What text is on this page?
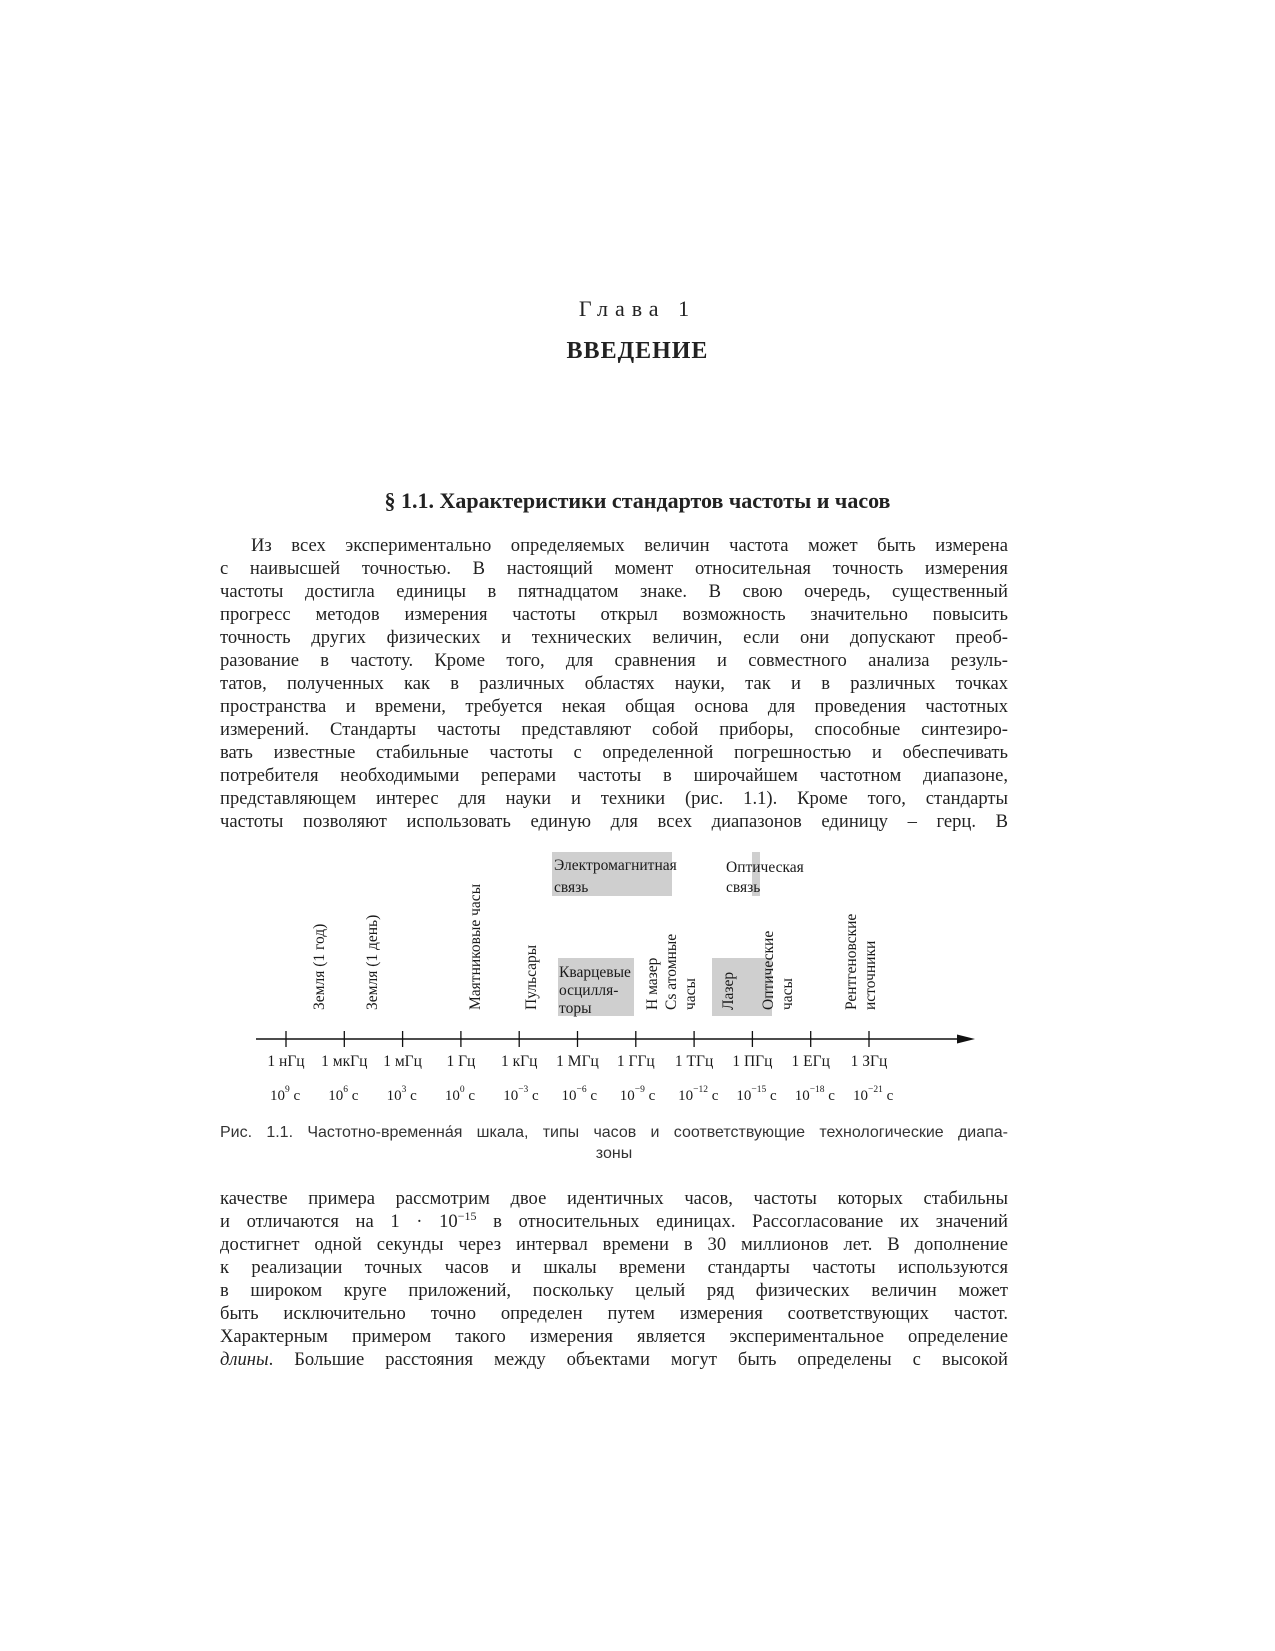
Глава 1
ВВЕДЕНИЕ
§ 1.1. Характеристики стандартов частоты и часов
Из всех экспериментально определяемых величин частота может быть измерена
с наивысшей точностью. В настоящий момент относительная точность измерения
частоты достигла единицы в пятнадцатом знаке. В свою очередь, существенный
прогресс методов измерения частоты открыл возможность значительно повысить
точность других физических и технических величин, если они допускают преоб-
разование в частоту. Кроме того, для сравнения и совместного анализа резуль-
татов, полученных как в различных областях науки, так и в различных точках
пространства и времени, требуется некая общая основа для проведения частотных
измерений. Стандарты частоты представляют собой приборы, способные синтезиро-
вать известные стабильные частоты с определенной погрешностью и обеспечивать
потребителя необходимыми реперами частоты в широчайшем частотном диапазоне,
представляющем интерес для науки и техники (рис. 1.1). Кроме того, стандарты
частоты позволяют использовать единую для всех диапазонов единицу – герц. В
Электромагнитная
связь
Оптическая
связь
Кварцевые
осцилля-
торы
Земля (1 год) Земля (1 день)	Маятниковые часы	Пульсары	H мазер Cs атомные часы Лазер Оптические часы	Рентгеновские источники
1 нГц 1 мкГц 1 мГц 1 Гц 1 кГц 1 МГц 1 ГГц 1 ТГц 1 ПГц 1 ЕГц 1 ЗГц
$10^9$ с $10^6$ с $10^3$ с $10^0$ с $10^{-3}$ с $10^{-6}$ с $10^{-9}$ с $10^{-12}$ с $10^{-15}$ с $10^{-18}$ с $10^{-21}$ с
Рис. 1.1. Частотно-временна́я шкала, типы часов и соответствующие технологические диапа-
зоны
качестве примера рассмотрим двое идентичных часов, частоты которых стабильны
и отличаются на $1 \cdot 10^{-15}$ в относительных единицах. Рассогласование их значений
достигнет одной секунды через интервал времени в 30 миллионов лет. В дополнение
к реализации точных часов и шкалы времени стандарты частоты используются
в широком круге приложений, поскольку целый ряд физических величин может
быть исключительно точно определен путем измерения соответствующих частот.
Характерным примером такого измерения является экспериментальное определение
длины. Большие расстояния между объектами могут быть определены с высокой
